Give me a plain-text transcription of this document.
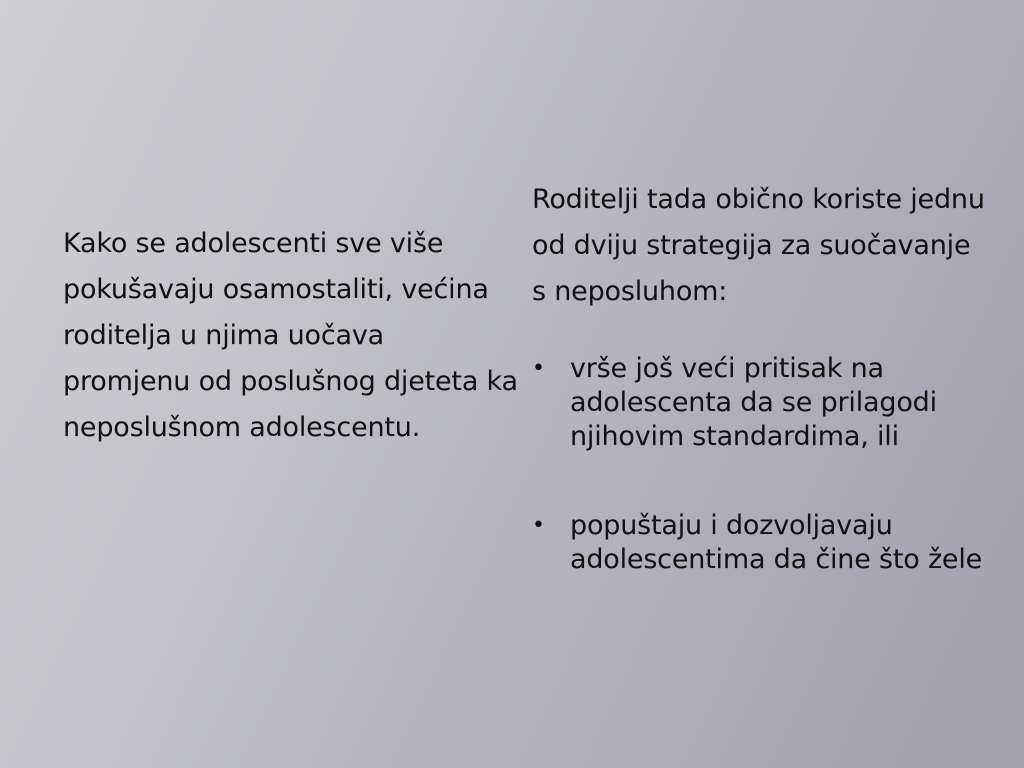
Kako se adolescenti sve više pokušavaju osamostaliti, većina roditelja u njima uočava promjenu od poslušnog djeteta ka neposlušnom adolescentu.

Roditelji tada obično koriste jednu od dviju strategija za suočavanje s neposluhom:

• vrše još veći pritisak na adolescenta da se prilagodi njihovim standardima, ili
• popuštaju i dozvoljavaju adolescentima da čine što žele
